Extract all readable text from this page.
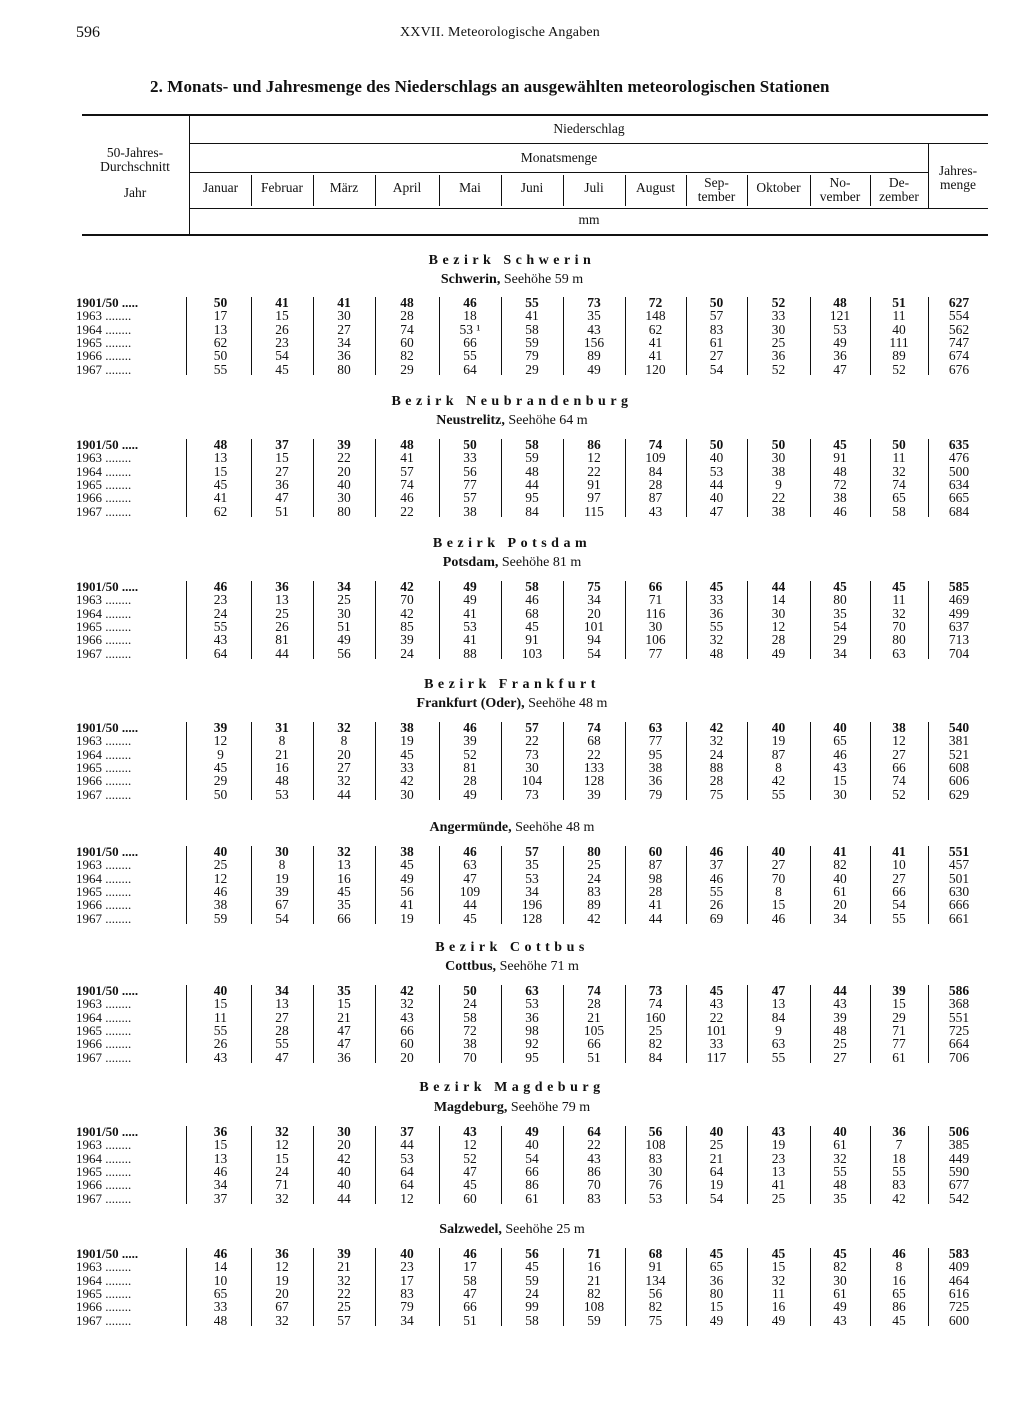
596	XXVII. Meteorologische Angaben
2. Monats- und Jahresmenge des Niederschlags an ausgewählten meteorologischen Stationen
50-Jahres-
Durchschnitt
Jahr
Niederschlag
Monatsmenge
Jahres-
menge
mm
Januar	Februar	März	April	Mai	Juni	Juli	August	Sep-
tember
Oktober	No-
vember
De-
zember
Bezirk Schwerin
Schwerin, Seehöhe 59 m
1901/50 .....	50	41	41	48	46	55	73	72	50	52	48	51	627
1963 ........	17	15	30	28	18	41	35	148	57	33	121	11	554
1964 ........	13	26	27	74	53 ¹	58	43	62	83	30	53	40	562
1965 ........	62	23	34	60	66	59	156	41	61	25	49	111	747
1966 ........	50	54	36	82	55	79	89	41	27	36	36	89	674
1967 ........	55	45	80	29	64	29	49	120	54	52	47	52	676
Bezirk Neubrandenburg
Neustrelitz, Seehöhe 64 m
1901/50 .....	48	37	39	48	50	58	86	74	50	50	45	50	635
1963 ........	13	15	22	41	33	59	12	109	40	30	91	11	476
1964 ........	15	27	20	57	56	48	22	84	53	38	48	32	500
1965 ........	45	36	40	74	77	44	91	28	44	9	72	74	634
1966 ........	41	47	30	46	57	95	97	87	40	22	38	65	665
1967 ........	62	51	80	22	38	84	115	43	47	38	46	58	684
Bezirk Potsdam
Potsdam, Seehöhe 81 m
1901/50 .....	46	36	34	42	49	58	75	66	45	44	45	45	585
1963 ........	23	13	25	70	49	46	34	71	33	14	80	11	469
1964 ........	24	25	30	42	41	68	20	116	36	30	35	32	499
1965 ........	55	26	51	85	53	45	101	30	55	12	54	70	637
1966 ........	43	81	49	39	41	91	94	106	32	28	29	80	713
1967 ........	64	44	56	24	88	103	54	77	48	49	34	63	704
Bezirk Frankfurt
Frankfurt (Oder), Seehöhe 48 m
1901/50 .....	39	31	32	38	46	57	74	63	42	40	40	38	540
1963 ........	12	8	8	19	39	22	68	77	32	19	65	12	381
1964 ........	9	21	20	45	52	73	22	95	24	87	46	27	521
1965 ........	45	16	27	33	81	30	133	38	88	8	43	66	608
1966 ........	29	48	32	42	28	104	128	36	28	42	15	74	606
1967 ........	50	53	44	30	49	73	39	79	75	55	30	52	629
Angermünde, Seehöhe 48 m
1901/50 .....	40	30	32	38	46	57	80	60	46	40	41	41	551
1963 ........	25	8	13	45	63	35	25	87	37	27	82	10	457
1964 ........	12	19	16	49	47	53	24	98	46	70	40	27	501
1965 ........	46	39	45	56	109	34	83	28	55	8	61	66	630
1966 ........	38	67	35	41	44	196	89	41	26	15	20	54	666
1967 ........	59	54	66	19	45	128	42	44	69	46	34	55	661
Bezirk Cottbus
Cottbus, Seehöhe 71 m
1901/50 .....	40	34	35	42	50	63	74	73	45	47	44	39	586
1963 ........	15	13	15	32	24	53	28	74	43	13	43	15	368
1964 ........	11	27	21	43	58	36	21	160	22	84	39	29	551
1965 ........	55	28	47	66	72	98	105	25	101	9	48	71	725
1966 ........	26	55	47	60	38	92	66	82	33	63	25	77	664
1967 ........	43	47	36	20	70	95	51	84	117	55	27	61	706
Bezirk Magdeburg
Magdeburg, Seehöhe 79 m
1901/50 .....	36	32	30	37	43	49	64	56	40	43	40	36	506
1963 ........	15	12	20	44	12	40	22	108	25	19	61	7	385
1964 ........	13	15	42	53	52	54	43	83	21	23	32	18	449
1965 ........	46	24	40	64	47	66	86	30	64	13	55	55	590
1966 ........	34	71	40	64	45	86	70	76	19	41	48	83	677
1967 ........	37	32	44	12	60	61	83	53	54	25	35	42	542
Salzwedel, Seehöhe 25 m
1901/50 .....	46	36	39	40	46	56	71	68	45	45	45	46	583
1963 ........	14	12	21	23	17	45	16	91	65	15	82	8	409
1964 ........	10	19	32	17	58	59	21	134	36	32	30	16	464
1965 ........	65	20	22	83	47	24	82	56	80	11	61	65	616
1966 ........	33	67	25	79	66	99	108	82	15	16	49	86	725
1967 ........	48	32	57	34	51	58	59	75	49	49	43	45	600
